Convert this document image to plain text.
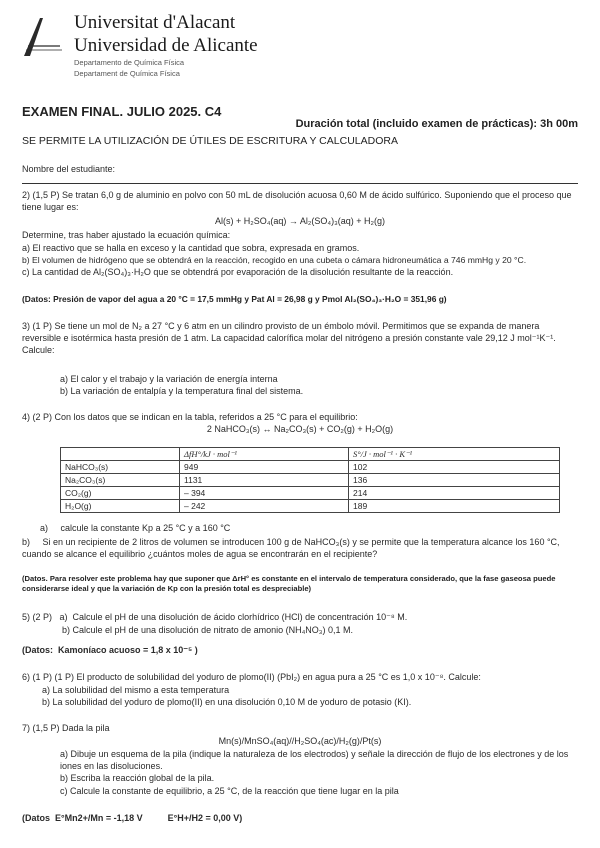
Universitat d'Alacant
Universidad de Alicante
Departamento de Química Física
Departament de Química Física
EXAMEN FINAL. JULIO 2025. C4
Duración total (incluido examen de prácticas): 3h 00m
SE PERMITE LA UTILIZACIÓN DE ÚTILES DE ESCRITURA Y CALCULADORA
Nombre del estudiante:
2) (1,5 P) Se tratan 6,0 g de aluminio en polvo con 50 mL de disolución acuosa 0,60 M de ácido sulfúrico. Suponiendo que el proceso que tiene lugar es:
Al(s) + H₂SO₄(aq) → Al₂(SO₄)₃(aq) + H₂(g)
Determine, tras haber ajustado la ecuación química:
a) El reactivo que se halla en exceso y la cantidad que sobra, expresada en gramos.
b) El volumen de hidrógeno que se obtendrá en la reacción, recogido en una cubeta o cámara hidroneumática a 746 mmHg y 20 °C.
c) La cantidad de Al₂(SO₄)₃·H₂O que se obtendrá por evaporación de la disolución resultante de la reacción.
(Datos: Presión de vapor del agua a 20 °C = 17,5 mmHg y Pat Al = 26,98 g y Pmol Al₂(SO₄)₃·H₂O = 351,96 g)
3) (1 P) Se tiene un mol de N₂ a 27 °C y 6 atm en un cilindro provisto de un émbolo móvil. Permitimos que se expanda de manera reversible e isotérmica hasta presión de 1 atm. La capacidad calorífica molar del nitrógeno a presión constante vale 29,12 J mol⁻¹K⁻¹. Calcule:
a) El calor y el trabajo y la variación de energía interna
b) La variación de entalpía y la temperatura final del sistema.
4) (2 P) Con los datos que se indican en la tabla, referidos a 25 °C para el equilibrio:
2 NaHCO₃(s) ↔ Na₂CO₃(s) + CO₂(g) + H₂O(g)
	ΔfH°/kJ · mol⁻¹	S°/J · mol⁻¹ · K⁻¹
NaHCO₃(s)	949	102
Na₂CO₃(s)	1131	136
CO₂(g)	– 394	214
H₂O(g)	– 242	189
a)     calcule la constante Kp a 25 °C y a 160 °C
b)     Si en un recipiente de 2 litros de volumen se introducen 100 g de NaHCO₃(s) y se permite que la temperatura alcance los 160 °C, cuando se alcance el equilibrio ¿cuántos moles de agua se encontrarán en el recipiente?
(Datos. Para resolver este problema hay que suponer que ΔrH° es constante en el intervalo de temperatura considerado, que la fase gaseosa puede considerarse ideal y que la variación de Kp con la presión total es despreciable)
5) (2 P)   a)  Calcule el pH de una disolución de ácido clorhídrico (HCl) de concentración 10⁻⁸ M.
b) Calcule el pH de una disolución de nitrato de amonio (NH₄NO₃) 0,1 M.
(Datos:  Kamoníaco acuoso = 1,8 x 10⁻⁵ )
6) (1 P) (1 P) El producto de solubilidad del yoduro de plomo(II) (PbI₂) en agua pura a 25 °C es 1,0 x 10⁻⁸. Calcule:
a) La solubilidad del mismo a esta temperatura
b) La solubilidad del yoduro de plomo(II) en una disolución 0,10 M de yoduro de potasio (KI).
7) (1,5 P) Dada la pila
Mn(s)/MnSO₄(aq)//H₂SO₄(ac)/H₂(g)/Pt(s)
a) Dibuje un esquema de la pila (indique la naturaleza de los electrodos) y señale la dirección de flujo de los electrones y de los iones en las disoluciones.
b) Escriba la reacción global de la pila.
c) Calcule la constante de equilibrio, a 25 °C, de la reacción que tiene lugar en la pila
(Datos  E°Mn2+/Mn = -1,18 V          E°H+/H2 = 0,00 V)
